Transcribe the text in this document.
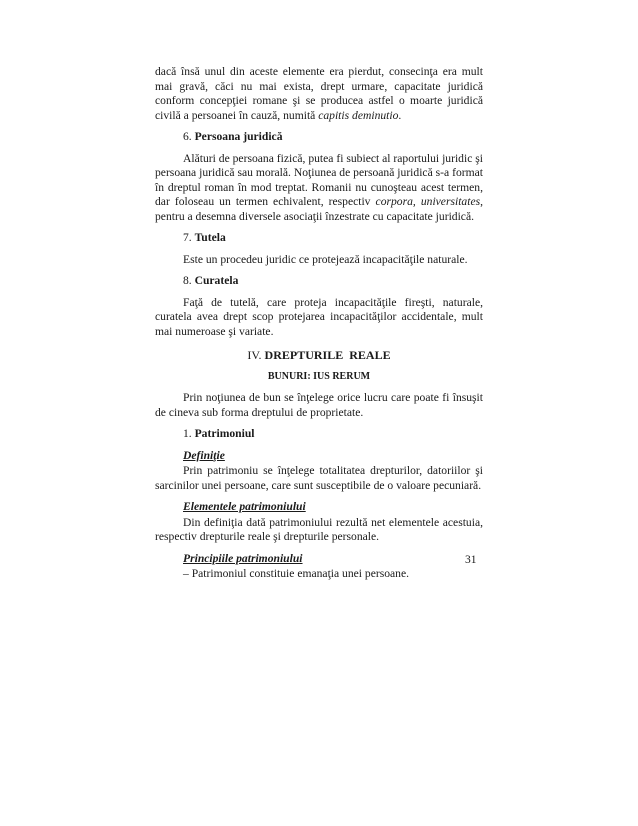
dacă însă unul din aceste elemente era pierdut, consecinţa era mult mai gravă, căci nu mai exista, drept urmare, capacitate juridică conform concepţiei romane şi se producea astfel o moarte juridică civilă a persoanei în cauză, numită capitis deminutio.

6. Persoana juridică

Alături de persoana fizică, putea fi subiect al raportului juridic şi persoana juridică sau morală. Noţiunea de persoană juridică s-a format în dreptul roman în mod treptat. Romanii nu cunoşteau acest termen, dar foloseau un termen echivalent, respectiv corpora, universitates, pentru a desemna diversele asociaţii înzestrate cu capacitate juridică.

7. Tutela

Este un procedeu juridic ce protejează incapacităţile naturale.

8. Curatela

Faţă de tutelă, care proteja incapacităţile fireşti, naturale, curatela avea drept scop protejarea incapacităţilor accidentale, mult mai numeroase şi variate.

IV. DREPTURILE  REALE
BUNURI: IUS RERUM

Prin noţiunea de bun se înţelege orice lucru care poate fi însuşit de cineva sub forma dreptului de proprietate.

1. Patrimoniul
Definiţie

Prin patrimoniu se înţelege totalitatea drepturilor, datoriilor şi sarcinilor unei persoane, care sunt susceptibile de o valoare pecuniară.

Elementele patrimoniului

Din definiţia dată patrimoniului rezultă net elementele acestuia, respectiv drepturile reale şi drepturile personale.

Principiile patrimoniului

– Patrimoniul constituie emanaţia unei persoane.

31
